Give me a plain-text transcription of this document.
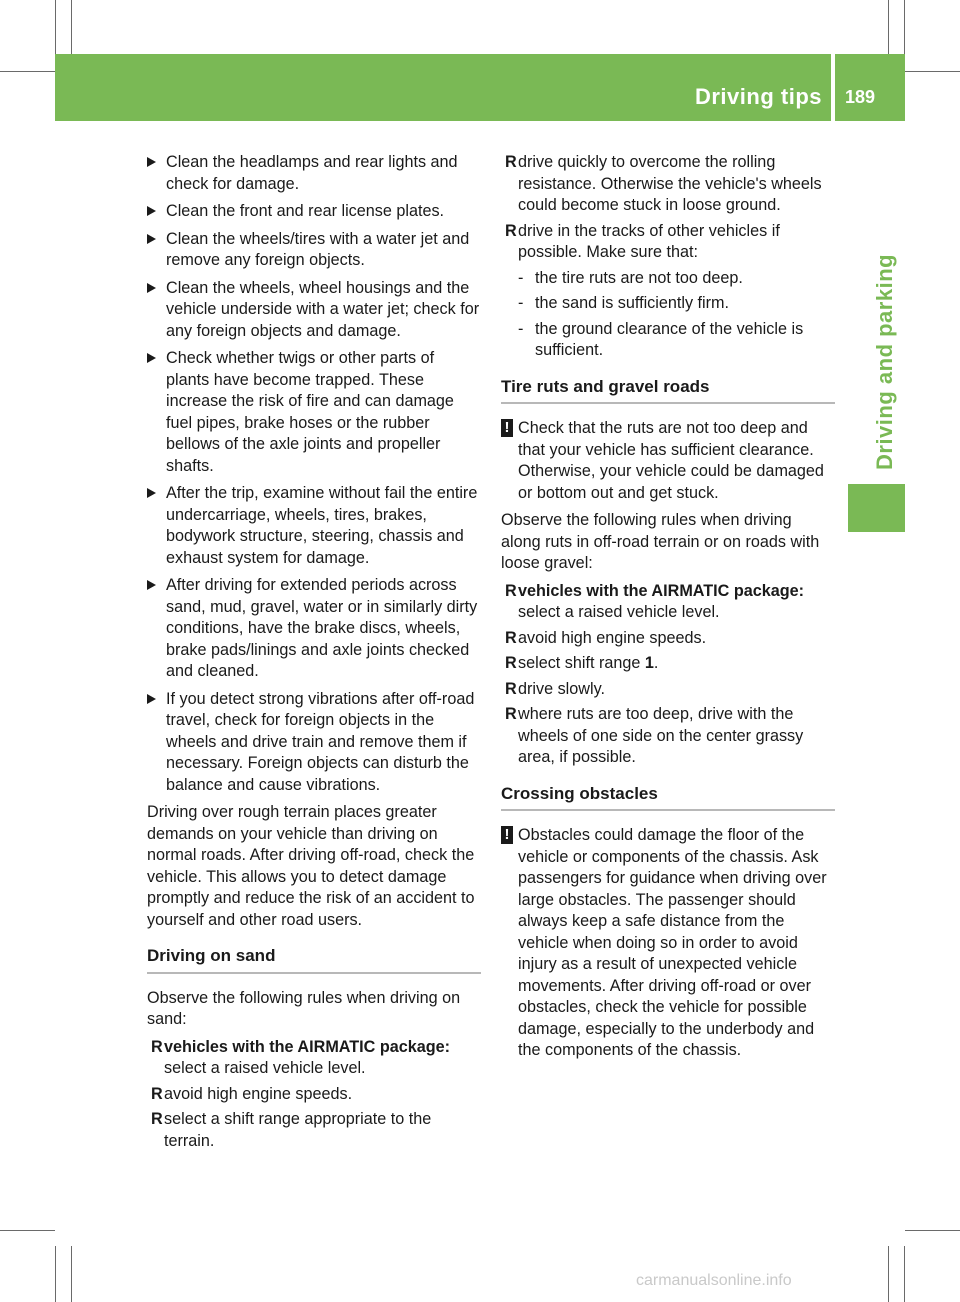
Driving tips 189
Driving and parking
Clean the headlamps and rear lights and check for damage.
Clean the front and rear license plates.
Clean the wheels/tires with a water jet and remove any foreign objects.
Clean the wheels, wheel housings and the vehicle underside with a water jet; check for any foreign objects and damage.
Check whether twigs or other parts of plants have become trapped. These increase the risk of fire and can damage fuel pipes, brake hoses or the rubber bellows of the axle joints and propeller shafts.
After the trip, examine without fail the entire undercarriage, wheels, tires, brakes, bodywork structure, steering, chassis and exhaust system for damage.
After driving for extended periods across sand, mud, gravel, water or in similarly dirty conditions, have the brake discs, wheels, brake pads/linings and axle joints checked and cleaned.
If you detect strong vibrations after off-road travel, check for foreign objects in the wheels and drive train and remove them if necessary. Foreign objects can disturb the balance and cause vibrations.

Driving over rough terrain places greater demands on your vehicle than driving on normal roads. After driving off-road, check the vehicle. This allows you to detect damage promptly and reduce the risk of an accident to yourself and other road users.

Driving on sand

Observe the following rules when driving on sand:

R vehicles with the AIRMATIC package:
select a raised vehicle level.
R avoid high engine speeds.
R select a shift range appropriate to the terrain.
R drive quickly to overcome the rolling resistance. Otherwise the vehicle's wheels could become stuck in loose ground.
R drive in the tracks of other vehicles if possible. Make sure that:
- the tire ruts are not too deep.
- the sand is sufficiently firm.
- the ground clearance of the vehicle is sufficient.
Tire ruts and gravel roads
! Check that the ruts are not too deep and that your vehicle has sufficient clearance. Otherwise, your vehicle could be damaged or bottom out and get stuck.

Observe the following rules when driving along ruts in off-road terrain or on roads with loose gravel:

R vehicles with the AIRMATIC package:
select a raised vehicle level.
R avoid high engine speeds.
R select shift range 1.
R drive slowly.
R where ruts are too deep, drive with the wheels of one side on the center grassy area, if possible.
Crossing obstacles
! Obstacles could damage the floor of the vehicle or components of the chassis. Ask passengers for guidance when driving over large obstacles. The passenger should always keep a safe distance from the vehicle when doing so in order to avoid injury as a result of unexpected vehicle movements. After driving off-road or over obstacles, check the vehicle for possible damage, especially to the underbody and the components of the chassis.
carmanualsonline.info
